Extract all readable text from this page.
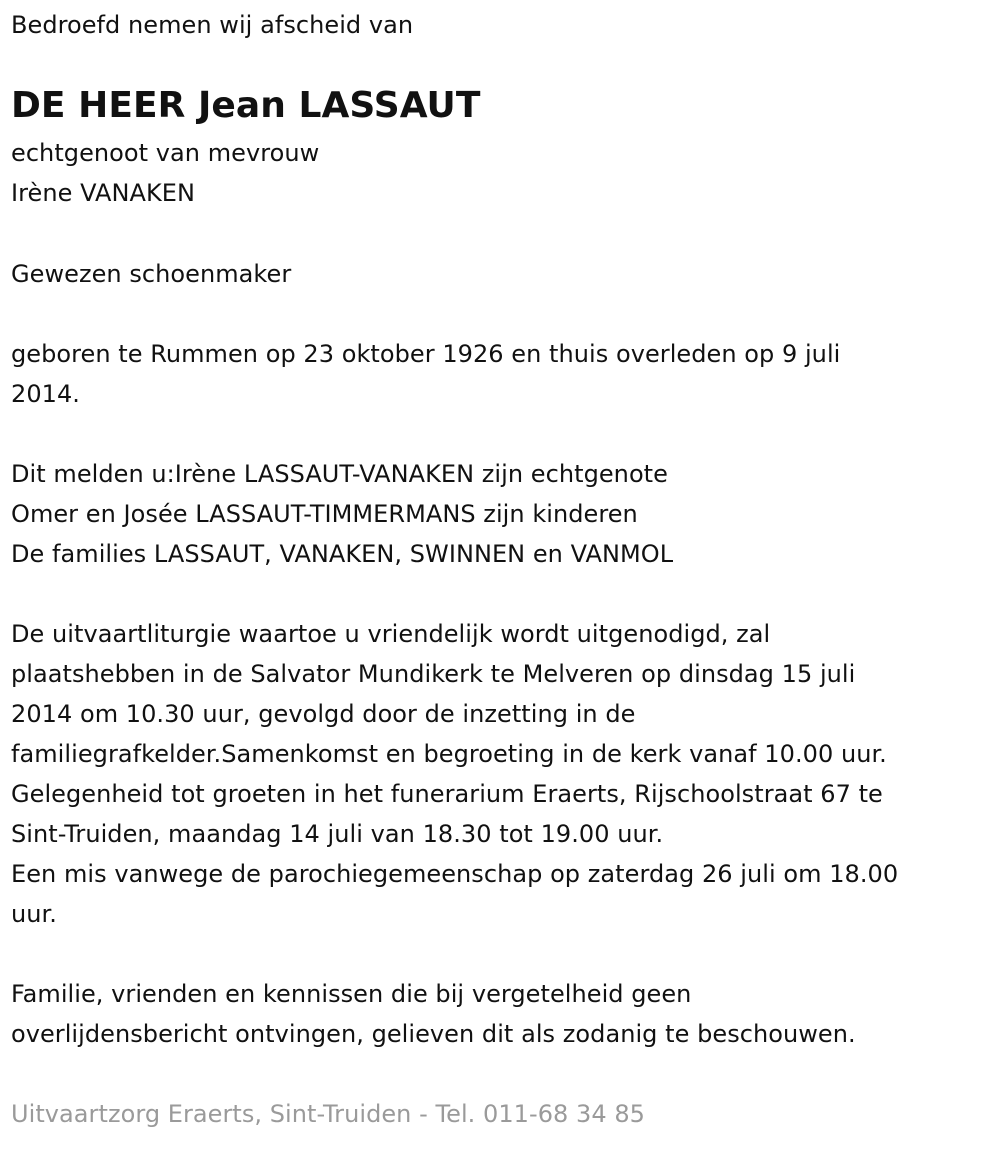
Bedroefd nemen wij afscheid van
DE HEER Jean LASSAUT
echtgenoot van mevrouw
Irène VANAKEN
Gewezen schoenmaker
geboren te Rummen op 23 oktober 1926 en thuis overleden op 9 juli
2014.
Dit melden u:Irène LASSAUT-VANAKEN zijn echtgenote
Omer en Josée LASSAUT-TIMMERMANS zijn kinderen
De families LASSAUT, VANAKEN, SWINNEN en VANMOL
De uitvaartliturgie waartoe u vriendelijk wordt uitgenodigd, zal
plaatshebben in de Salvator Mundikerk te Melveren op dinsdag 15 juli
2014 om 10.30 uur, gevolgd door de inzetting in de
familiegrafkelder.Samenkomst en begroeting in de kerk vanaf 10.00 uur.
Gelegenheid tot groeten in het funerarium Eraerts, Rijschoolstraat 67 te
Sint-Truiden, maandag 14 juli van 18.30 tot 19.00 uur.
Een mis vanwege de parochiegemeenschap op zaterdag 26 juli om 18.00
uur.
Familie, vrienden en kennissen die bij vergetelheid geen
overlijdensbericht ontvingen, gelieven dit als zodanig te beschouwen.
Uitvaartzorg Eraerts, Sint-Truiden - Tel. 011-68 34 85
